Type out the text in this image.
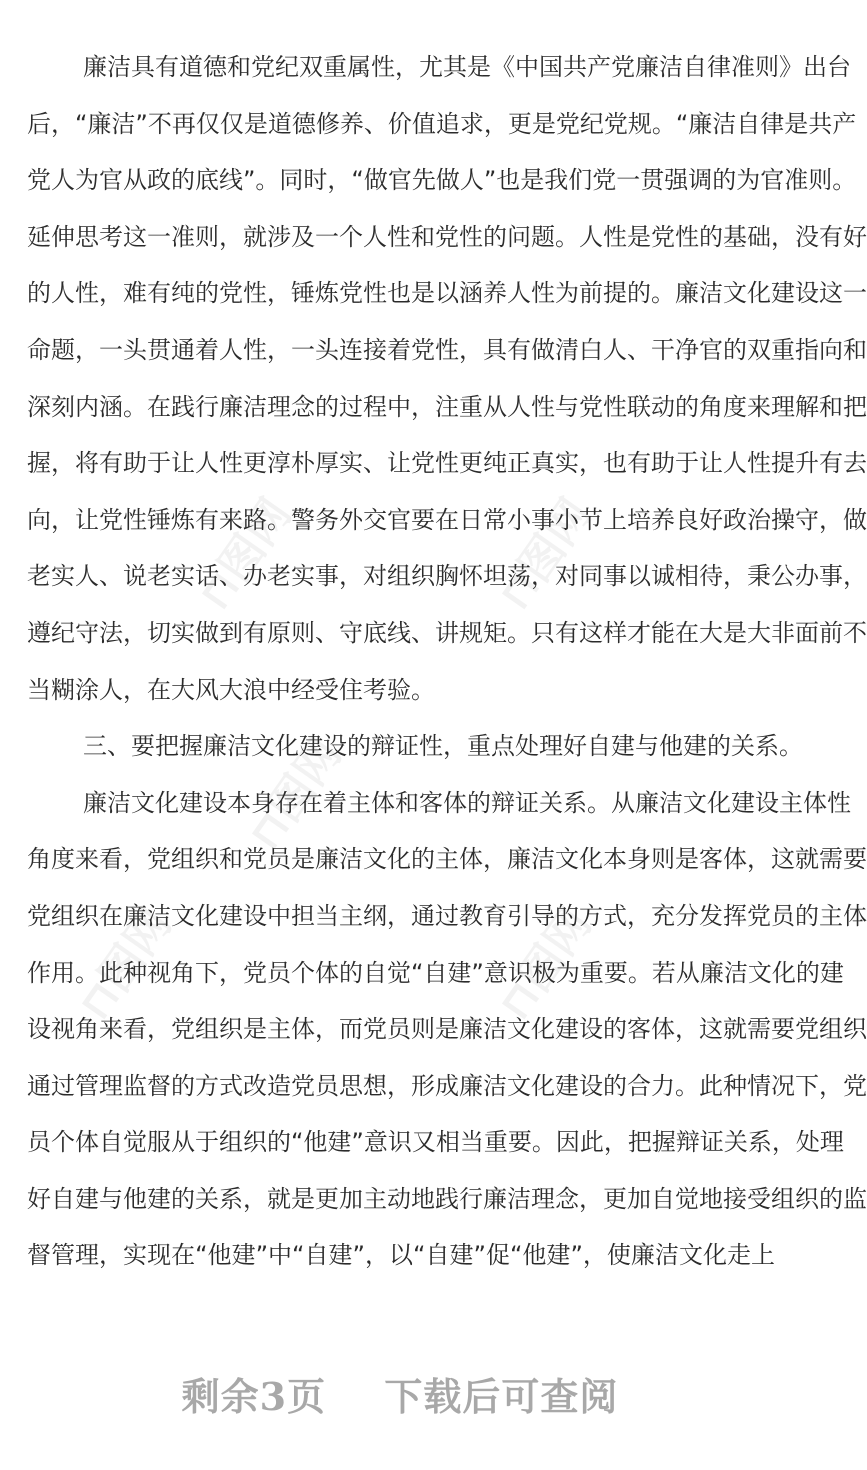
⊓图网	⊓图网
⊓图网
⊓图网	⊓图网
廉洁具有道德和党纪双重属性，尤其是《中国共产党廉洁自律准则》出台
后，“廉洁”不再仅仅是道德修养、价值追求，更是党纪党规。“廉洁自律是共产
党人为官从政的底线”。同时，“做官先做人”也是我们党一贯强调的为官准则。
延伸思考这一准则，就涉及一个人性和党性的问题。人性是党性的基础，没有好
的人性，难有纯的党性，锤炼党性也是以涵养人性为前提的。廉洁文化建设这一
命题，一头贯通着人性，一头连接着党性，具有做清白人、干净官的双重指向和
深刻内涵。在践行廉洁理念的过程中，注重从人性与党性联动的角度来理解和把
握，将有助于让人性更淳朴厚实、让党性更纯正真实，也有助于让人性提升有去
向，让党性锤炼有来路。警务外交官要在日常小事小节上培养良好政治操守，做
老实人、说老实话、办老实事，对组织胸怀坦荡，对同事以诚相待，秉公办事，
遵纪守法，切实做到有原则、守底线、讲规矩。只有这样才能在大是大非面前不
当糊涂人，在大风大浪中经受住考验。
三、要把握廉洁文化建设的辩证性，重点处理好自建与他建的关系。
廉洁文化建设本身存在着主体和客体的辩证关系。从廉洁文化建设主体性
角度来看，党组织和党员是廉洁文化的主体，廉洁文化本身则是客体，这就需要
党组织在廉洁文化建设中担当主纲，通过教育引导的方式，充分发挥党员的主体
作用。此种视角下，党员个体的自觉“自建”意识极为重要。若从廉洁文化的建
设视角来看，党组织是主体，而党员则是廉洁文化建设的客体，这就需要党组织
通过管理监督的方式改造党员思想，形成廉洁文化建设的合力。此种情况下，党
员个体自觉服从于组织的“他建”意识又相当重要。因此，把握辩证关系，处理
好自建与他建的关系，就是更加主动地践行廉洁理念，更加自觉地接受组织的监
督管理，实现在“他建”中“自建”，以“自建”促“他建”，使廉洁文化走上
剩余3页 下载后可查阅
